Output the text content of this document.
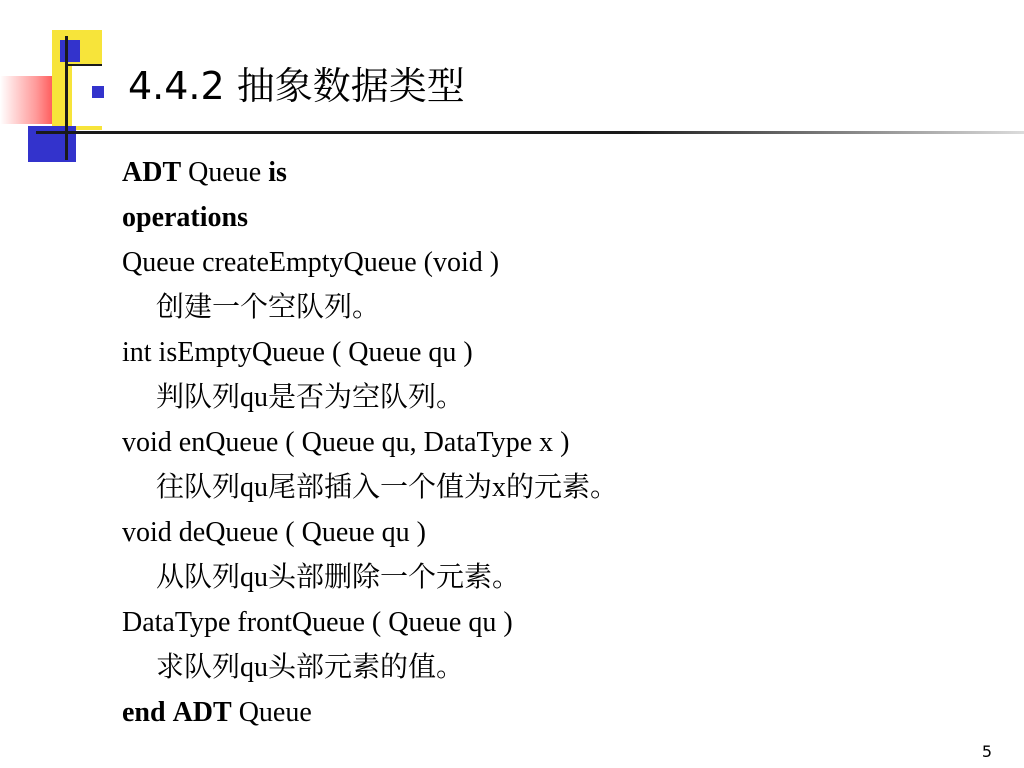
4.4.2 抽象数据类型
ADT Queue is
operations
Queue createEmptyQueue (void )
创建一个空队列。
int isEmptyQueue ( Queue qu )
判队列qu是否为空队列。
void enQueue ( Queue qu, DataType x )
往队列qu尾部插入一个值为x的元素。
void deQueue ( Queue qu )
从队列qu头部删除一个元素。
DataType frontQueue ( Queue qu )
求队列qu头部元素的值。
end ADT Queue
5
